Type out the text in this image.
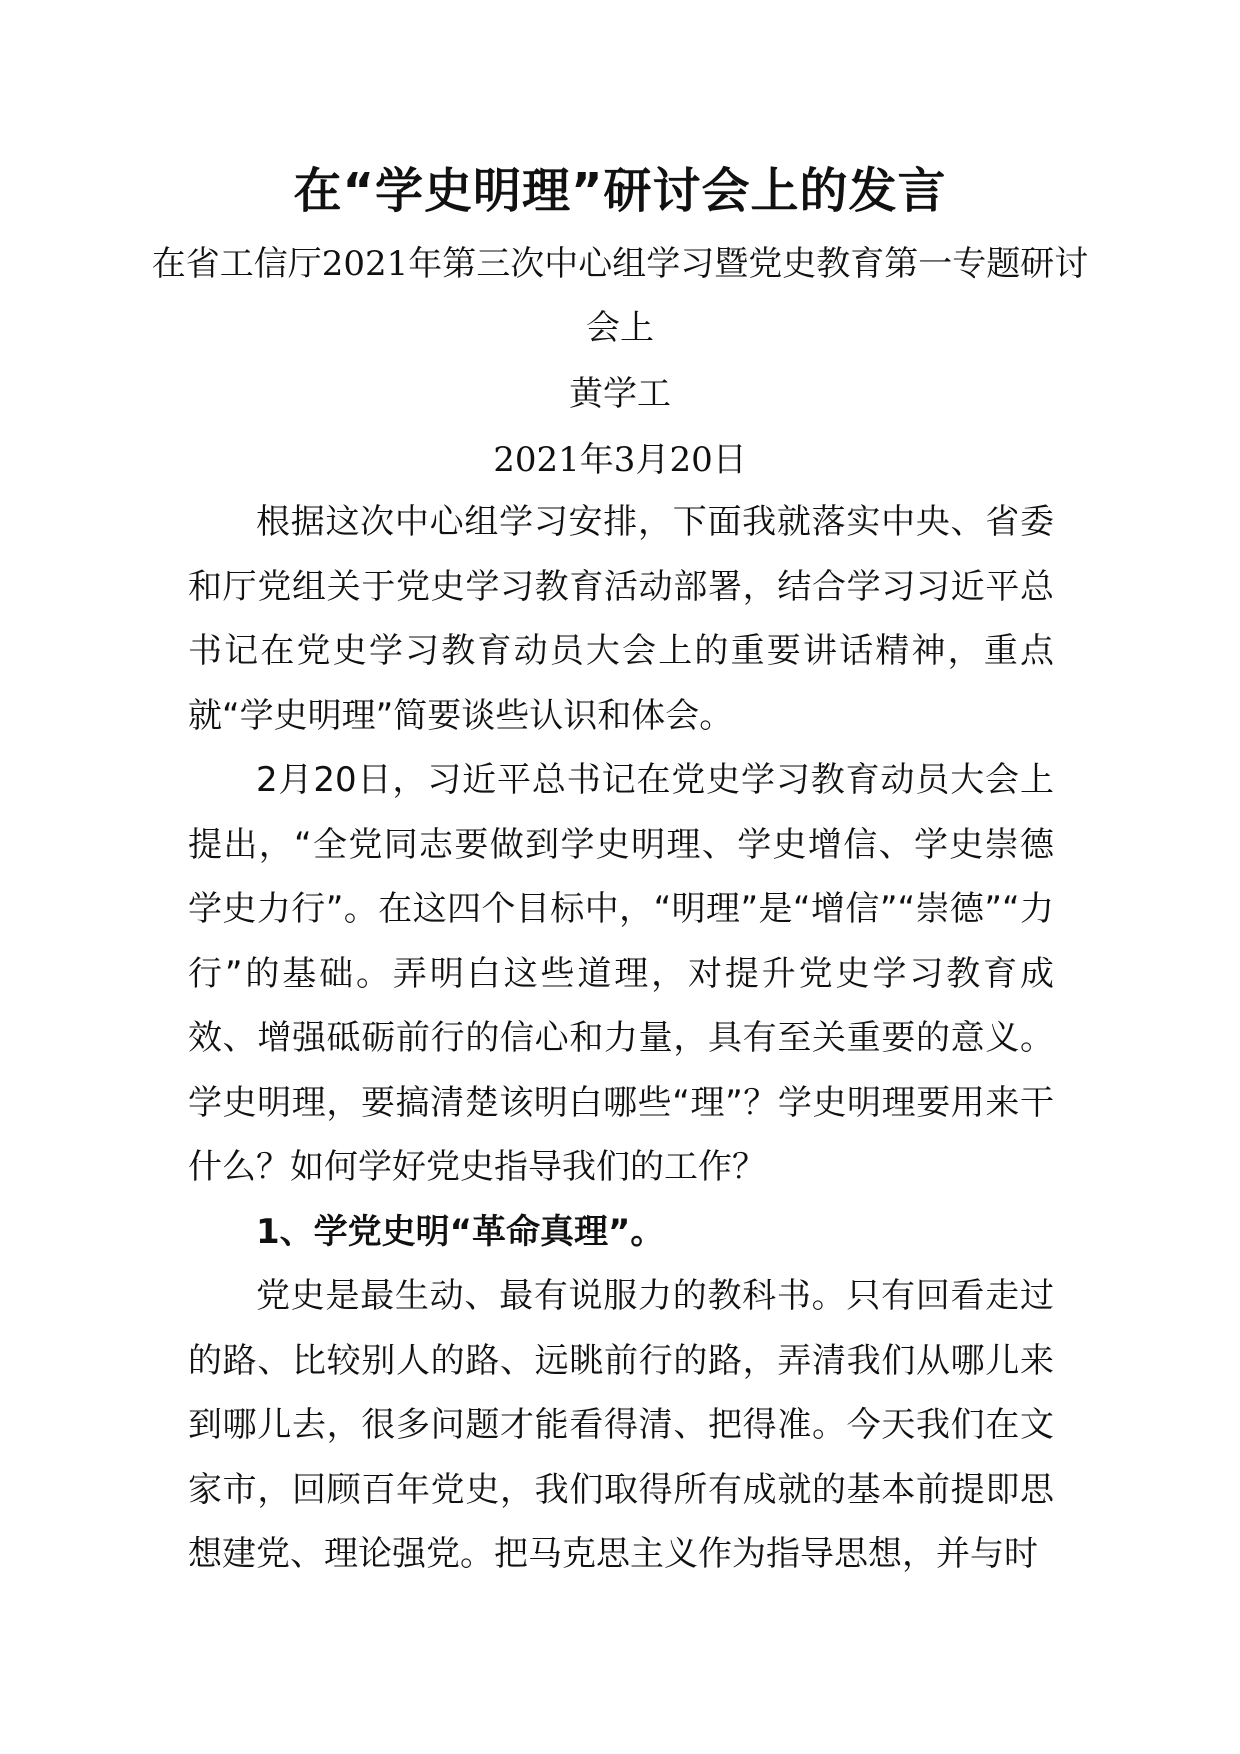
在“学史明理”研讨会上的发言
在省工信厅2021年第三次中心组学习暨党史教育第一专题研讨会上
黄学工
2021年3月20日

根据这次中心组学习安排，下面我就落实中央、省委和厅党组关于党史学习教育活动部署，结合学习习近平总书记在党史学习教育动员大会上的重要讲话精神，重点就“学史明理”简要谈些认识和体会。

2月20日，习近平总书记在党史学习教育动员大会上提出，“全党同志要做到学史明理、学史增信、学史崇德学史力行”。在这四个目标中，“明理”是“增信”“崇德”“力行”的基础。弄明白这些道理，对提升党史学习教育成效、增强砥砺前行的信心和力量，具有至关重要的意义。学史明理，要搞清楚该明白哪些“理”？学史明理要用来干什么？如何学好党史指导我们的工作？

1、学党史明“革命真理”。

党史是最生动、最有说服力的教科书。只有回看走过的路、比较别人的路、远眺前行的路，弄清我们从哪儿来到哪儿去，很多问题才能看得清、把得准。今天我们在文家市，回顾百年党史，我们取得所有成就的基本前提即思想建党、理论强党。把马克思主义作为指导思想，并与时
